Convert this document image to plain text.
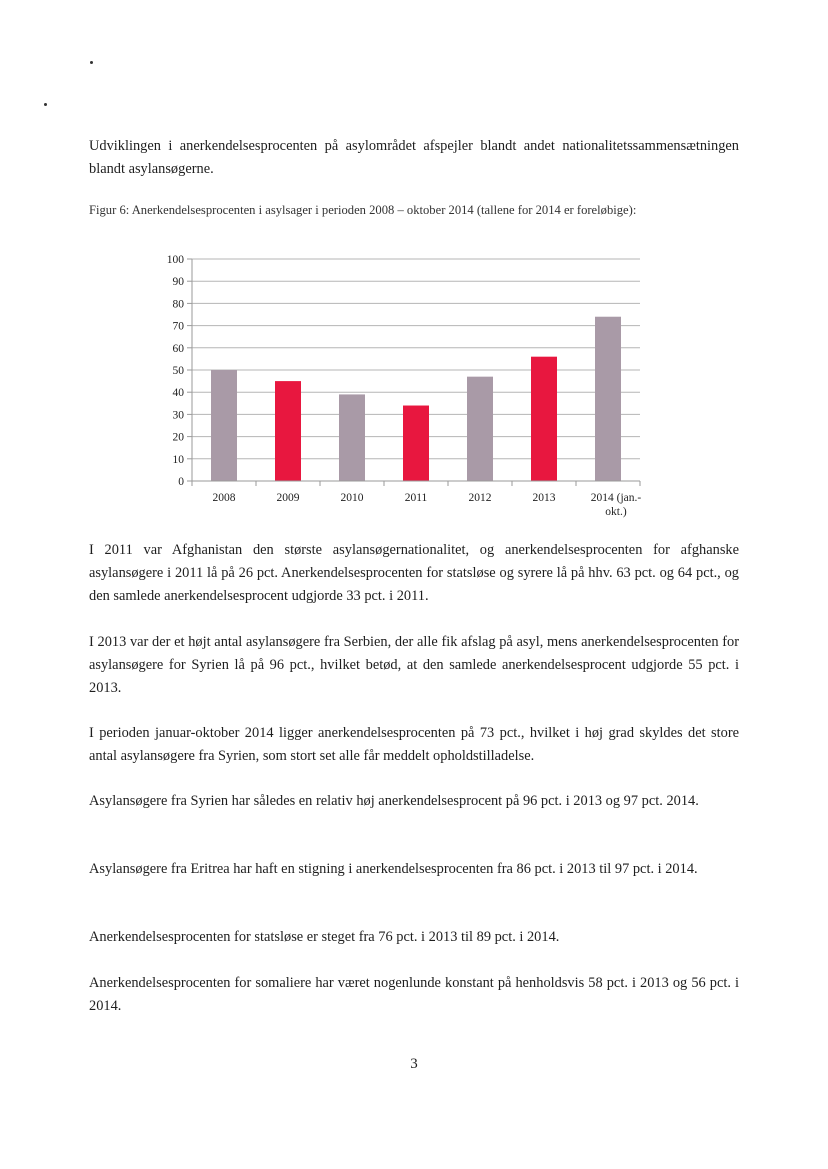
Udviklingen i anerkendelsesprocenten på asylområdet afspejler blandt andet nationalitetssammensætningen blandt asylansøgerne.

Figur 6: Anerkendelsesprocenten i asylsager i perioden 2008 – oktober 2014 (tallene for 2014 er foreløbige):
0
10
20
30
40
50
60
70
80
90
100
2008	2009	2010	2011	2012	2013	2014 (jan.-
okt.)

I 2011 var Afghanistan den største asylansøgernationalitet, og anerkendelsesprocenten for afghanske asylansøgere i 2011 lå på 26 pct. Anerkendelsesprocenten for statsløse og syrere lå på hhv. 63 pct. og 64 pct., og den samlede anerkendelsesprocent udgjorde 33 pct. i 2011.

I 2013 var der et højt antal asylansøgere fra Serbien, der alle fik afslag på asyl, mens anerkendelsesprocenten for asylansøgere for Syrien lå på 96 pct., hvilket betød, at den samlede anerkendelsesprocent udgjorde 55 pct. i 2013.

I perioden januar-oktober 2014 ligger anerkendelsesprocenten på 73 pct., hvilket i høj grad skyldes det store antal asylansøgere fra Syrien, som stort set alle får meddelt opholdstilladelse.

Asylansøgere fra Syrien har således en relativ høj anerkendelsesprocent på 96 pct. i 2013 og 97 pct. 2014.

Asylansøgere fra Eritrea har haft en stigning i anerkendelsesprocenten fra 86 pct. i 2013 til 97 pct. i 2014.

Anerkendelsesprocenten for statsløse er steget fra 76 pct. i 2013 til 89 pct. i 2014.

Anerkendelsesprocenten for somaliere har været nogenlunde konstant på henholdsvis 58 pct. i 2013 og 56 pct. i 2014.

3
